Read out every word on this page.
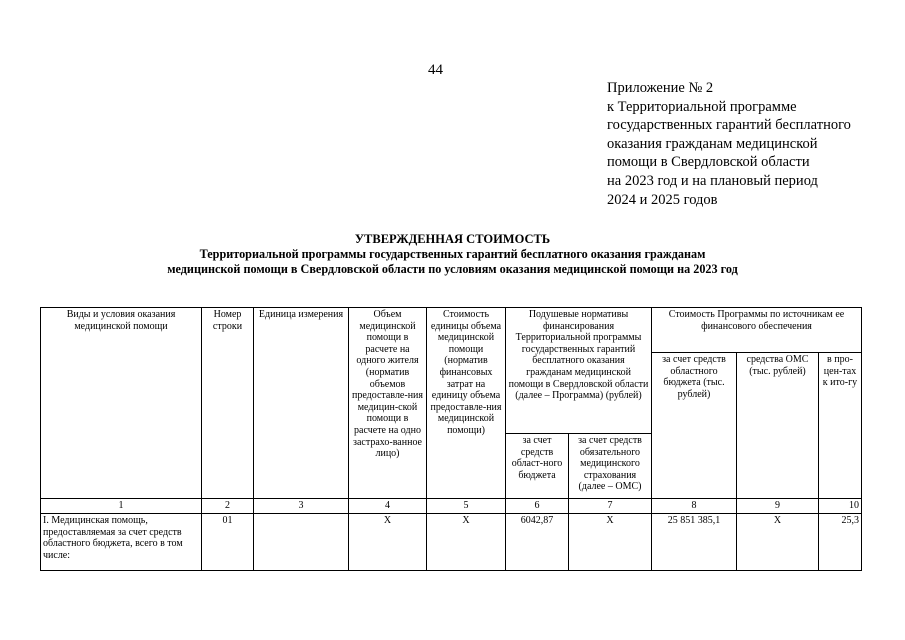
44
Приложение № 2
к Территориальной программе
государственных гарантий бесплатного
оказания гражданам медицинской
помощи в Свердловской области
на 2023 год и на плановый период
2024 и 2025 годов
УТВЕРЖДЕННАЯ СТОИМОСТЬ
Территориальной программы государственных гарантий бесплатного оказания гражданам
медицинской помощи в Свердловской области по условиям оказания медицинской помощи на 2023 год
Виды и условия оказания медицинской помощи	Номер строки	Единица измерения	Объем медицинской помощи в расчете на одного жителя (норматив объемов предоставле-ния медицин-ской помощи в расчете на одно застрахо-ванное лицо)	Стоимость единицы объема медицинской помощи (норматив финансовых затрат на единицу объема предоставле-ния медицинской помощи)	Подушевые нормативы финансирования Территориальной программы государственных гарантий бесплатного оказания гражданам медицинской помощи в Свердловской области (далее – Программа) (рублей)		Стоимость Программы по источникам ее финансового обеспечения		
							за счет средств областного бюджета (тыс. рублей)	средства ОМС (тыс. рублей)	в про-цен-тах к ито-гу
					за счет средств област-ного бюджета	за счет средств обязательного медицинского страхования (далее – ОМС)			
1	2	3	4	5	6	7	8	9	10
I. Медицинская помощь, предоставляемая за счет средств областного бюджета, всего в том числе:	01		Х	Х	6042,87	Х	25 851 385,1	Х	25,3
